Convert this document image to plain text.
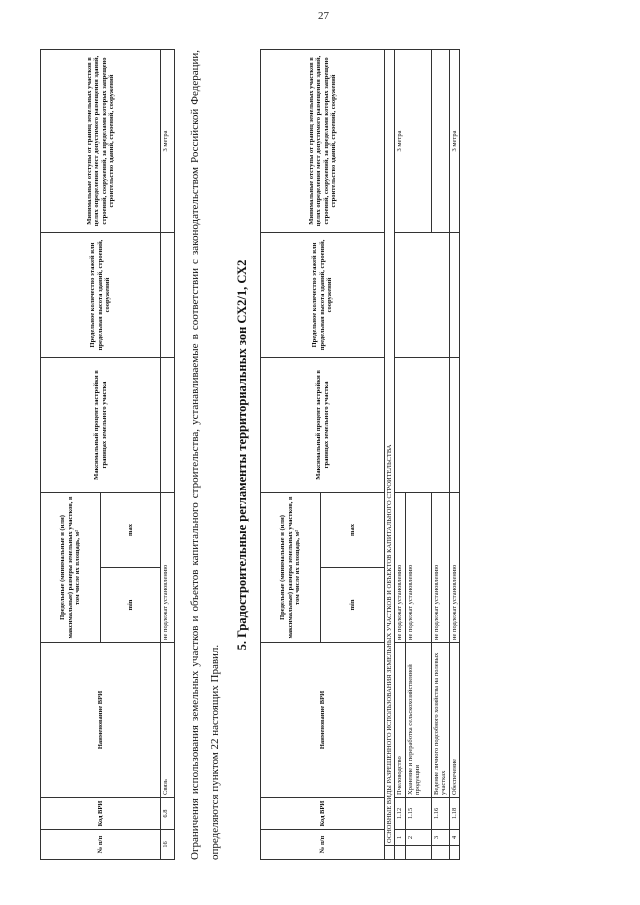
27
№ п/п	Код ВРИ	Наименование ВРИ	Предельные (минимальные и (или) максимальные) размеры земельных участков, в том числе их площадь, м²		Максимальный процент застройки в границах земельного участка	Предельное количество этажей или предельная высота зданий, строений, сооружений	Минимальные отступы от границ земельных участков в целях определения мест допустимого размещения зданий, строений, сооружений, за пределами которых запрещено строительство зданий, строений, сооружений
			min	max			
16	6.8	Связь	не подлежат установлению				3 метра	Ограничения использования земельных участков и объектов капитального строительства, устанавливаемые в соответствии с законодательством Российской Федерации, определяются пунктом 22 настоящих Правил.
5. Градостроительные регламенты территориальных зон СХ2/1, СХ2
№ п/п		Код ВРИ	Наименование ВРИ	Предельные (минимальные и (или) максимальные) размеры земельных участков, в том числе их площадь, м²		Максимальный процент застройки в границах земельного участка	Предельное количество этажей или предельная высота зданий, строений, сооружений	Минимальные отступы от границ земельных участков в целях определения мест допустимого размещения зданий, строений, сооружений, за пределами которых запрещено строительство зданий, строений, сооружений
				min	max			
	ОСНОВНЫЕ ВИДЫ РАЗРЕШЕННОГО ИСПОЛЬЗОВАНИЯ ЗЕМЕЛЬНЫХ УЧАСТКОВ И ОБЪЕКТОВ КАПИТАЛЬНОГО СТРОИТЕЛЬСТВА							
	1	1.12	Пчеловодство	не подлежат установлению				3 метра
	2	1.15	Хранение и переработка сельскохозяйственной продукции	не подлежат установлению				
	3	1.16	Ведение личного подсобного хозяйства на полевых участках	не подлежат установлению				
	4	1.18	Обеспечение	не подлежат установлению				3 метра
